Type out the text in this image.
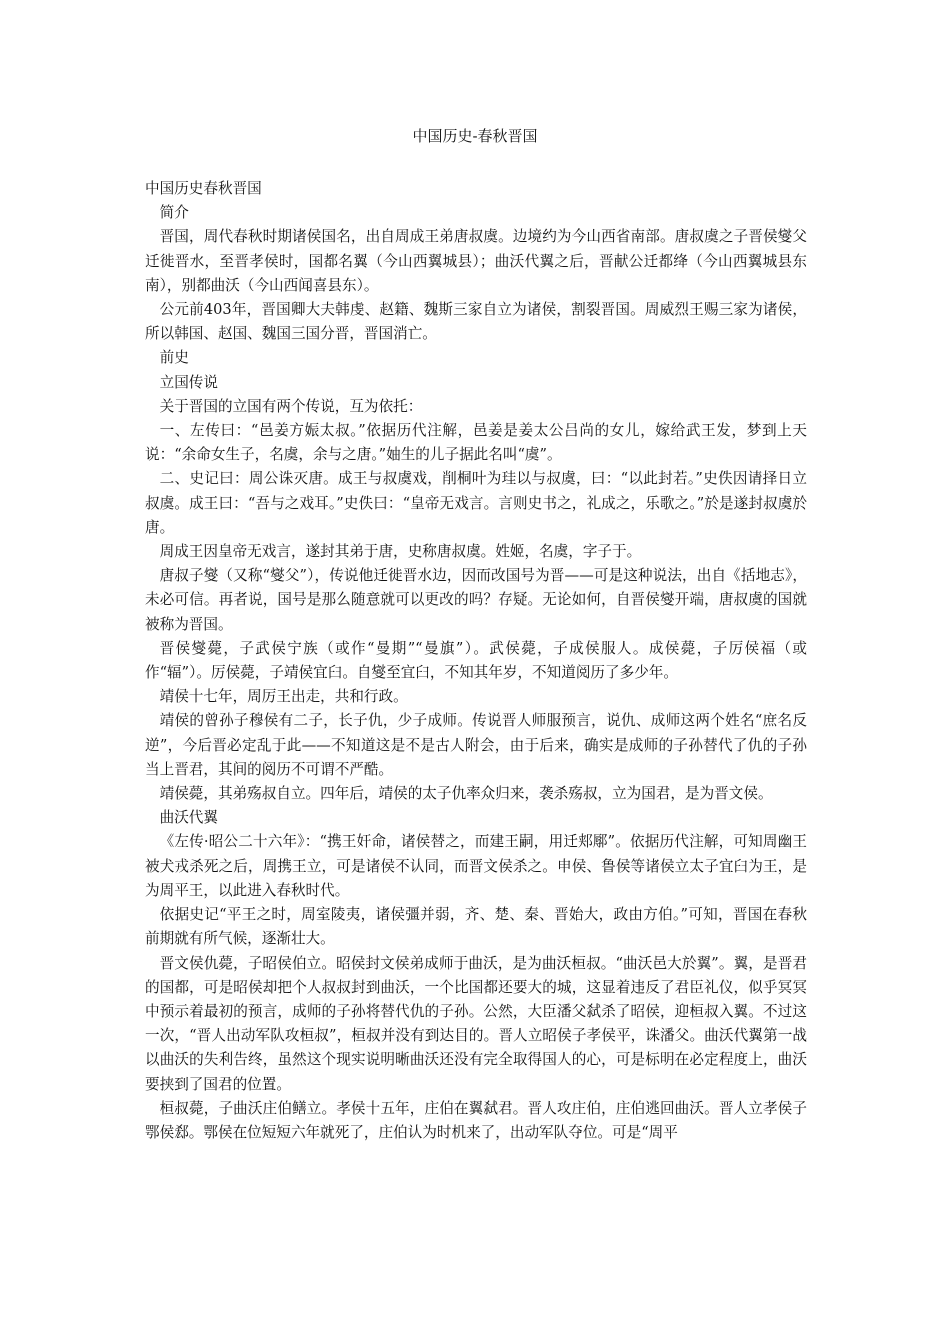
中国历史-春秋晋国

中国历史春秋晋国

简介

晋国，周代春秋时期诸侯国名，出自周成王弟唐叔虞。边境约为今山西省南部。唐叔虞之子晋侯燮父迁徙晋水，至晋孝侯时，国都名翼（今山西翼城县）；曲沃代翼之后，晋献公迁都绛（今山西翼城县东南），别都曲沃（今山西闻喜县东）。

公元前403年，晋国卿大夫韩虔、赵籍、魏斯三家自立为诸侯，割裂晋国。周威烈王赐三家为诸侯，所以韩国、赵国、魏国三国分晋，晋国消亡。

前史

立国传说

关于晋国的立国有两个传说，互为依托：

一、左传曰：“邑姜方娠太叔。”依据历代注解，邑姜是姜太公吕尚的女儿，嫁给武王发，梦到上天说：“余命女生子，名虞，余与之唐。”妯生的儿子据此名叫“虞”。

二、史记曰：周公诛灭唐。成王与叔虞戏，削桐叶为珪以与叔虞，曰：“以此封若。”史佚因请择日立叔虞。成王曰：“吾与之戏耳。”史佚曰：“皇帝无戏言。言则史书之，礼成之，乐歌之。”於是遂封叔虞於唐。

周成王因皇帝无戏言，遂封其弟于唐，史称唐叔虞。姓姬，名虞，字子于。

唐叔子燮（又称“燮父”），传说他迁徙晋水边，因而改国号为晋——可是这种说法，出自《括地志》，未必可信。再者说，国号是那么随意就可以更改的吗？存疑。无论如何，自晋侯燮开端，唐叔虞的国就被称为晋国。

晋侯燮薨，子武侯宁族（或作“曼期”“曼旗”）。武侯薨，子成侯服人。成侯薨，子厉侯福（或作“辐”）。厉侯薨，子靖侯宜臼。自燮至宜臼，不知其年岁，不知道阅历了多少年。

靖侯十七年，周厉王出走，共和行政。

靖侯的曾孙子穆侯有二子，长子仇，少子成师。传说晋人师服预言，说仇、成师这两个姓名“庶名反逆”，今后晋必定乱于此——不知道这是不是古人附会，由于后来，确实是成师的子孙替代了仇的子孙当上晋君，其间的阅历不可谓不严酷。

靖侯薨，其弟殇叔自立。四年后，靖侯的太子仇率众归来，袭杀殇叔，立为国君，是为晋文侯。

曲沃代翼

《左传·昭公二十六年》：“携王奸命，诸侯替之，而建王嗣，用迁郏鄏”。依据历代注解，可知周幽王被犬戎杀死之后，周携王立，可是诸侯不认同，而晋文侯杀之。申侯、鲁侯等诸侯立太子宜臼为王，是为周平王，以此进入春秋时代。

依据史记“平王之时，周室陵夷，诸侯彊并弱，齐、楚、秦、晋始大，政由方伯。”可知，晋国在春秋前期就有所气候，逐渐壮大。

晋文侯仇薨，子昭侯伯立。昭侯封文侯弟成师于曲沃，是为曲沃桓叔。“曲沃邑大於翼”。翼，是晋君的国都，可是昭侯却把个人叔叔封到曲沃，一个比国都还要大的城，这显着违反了君臣礼仪，似乎冥冥中预示着最初的预言，成师的子孙将替代仇的子孙。公然，大臣潘父弑杀了昭侯，迎桓叔入翼。不过这一次，“晋人出动军队攻桓叔”，桓叔并没有到达目的。晋人立昭侯子孝侯平，诛潘父。曲沃代翼第一战以曲沃的失利告终，虽然这个现实说明晰曲沃还没有完全取得国人的心，可是标明在必定程度上，曲沃要挟到了国君的位置。

桓叔薨，子曲沃庄伯鳝立。孝侯十五年，庄伯在翼弑君。晋人攻庄伯，庄伯逃回曲沃。晋人立孝侯子鄂侯郄。鄂侯在位短短六年就死了，庄伯认为时机来了，出动军队夺位。可是“周平
